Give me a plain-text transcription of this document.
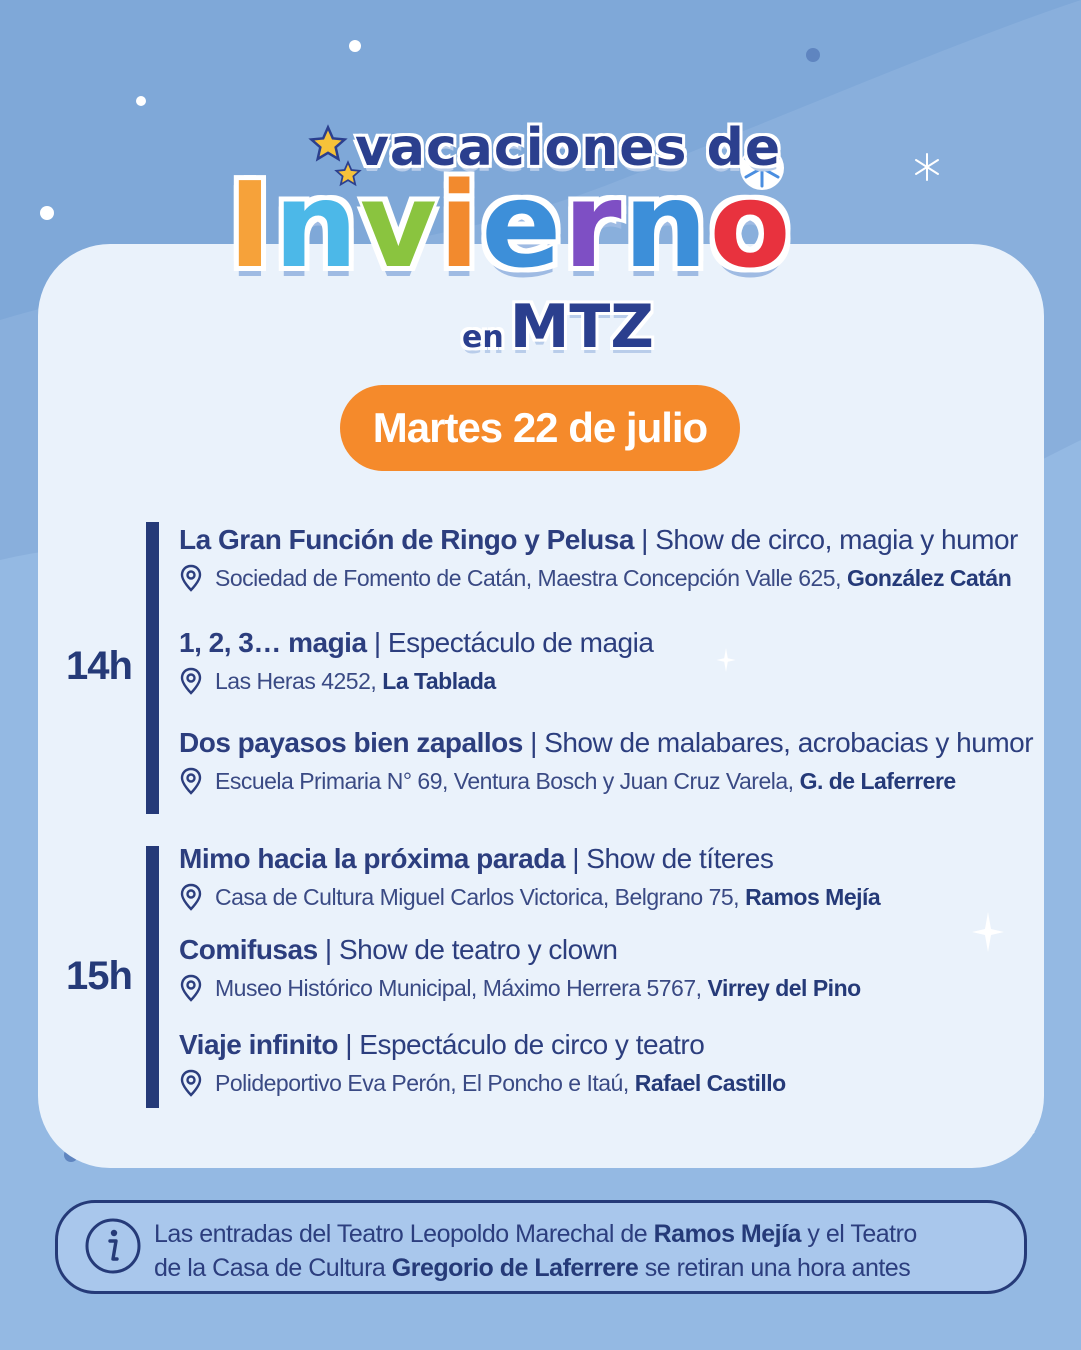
vacaciones de
I n v i e r n o
en MTZ
Martes 22 de julio
14h
La Gran Función de Ringo y Pelusa | Show de circo, magia y humor
Sociedad de Fomento de Catán, Maestra Concepción Valle 625, González Catán
1, 2, 3… magia | Espectáculo de magia
Las Heras 4252, La Tablada
Dos payasos bien zapallos | Show de malabares, acrobacias y humor
Escuela Primaria N° 69, Ventura Bosch y Juan Cruz Varela, G. de Laferrere
15h
Mimo hacia la próxima parada | Show de títeres
Casa de Cultura Miguel Carlos Victorica, Belgrano 75, Ramos Mejía
Comifusas | Show de teatro y clown
Museo Histórico Municipal, Máximo Herrera 5767, Virrey del Pino
Viaje infinito | Espectáculo de circo y teatro
Polideportivo Eva Perón, El Poncho e Itaú, Rafael Castillo
Las entradas del Teatro Leopoldo Marechal de Ramos Mejía y el Teatro
de la Casa de Cultura Gregorio de Laferrere se retiran una hora antes
